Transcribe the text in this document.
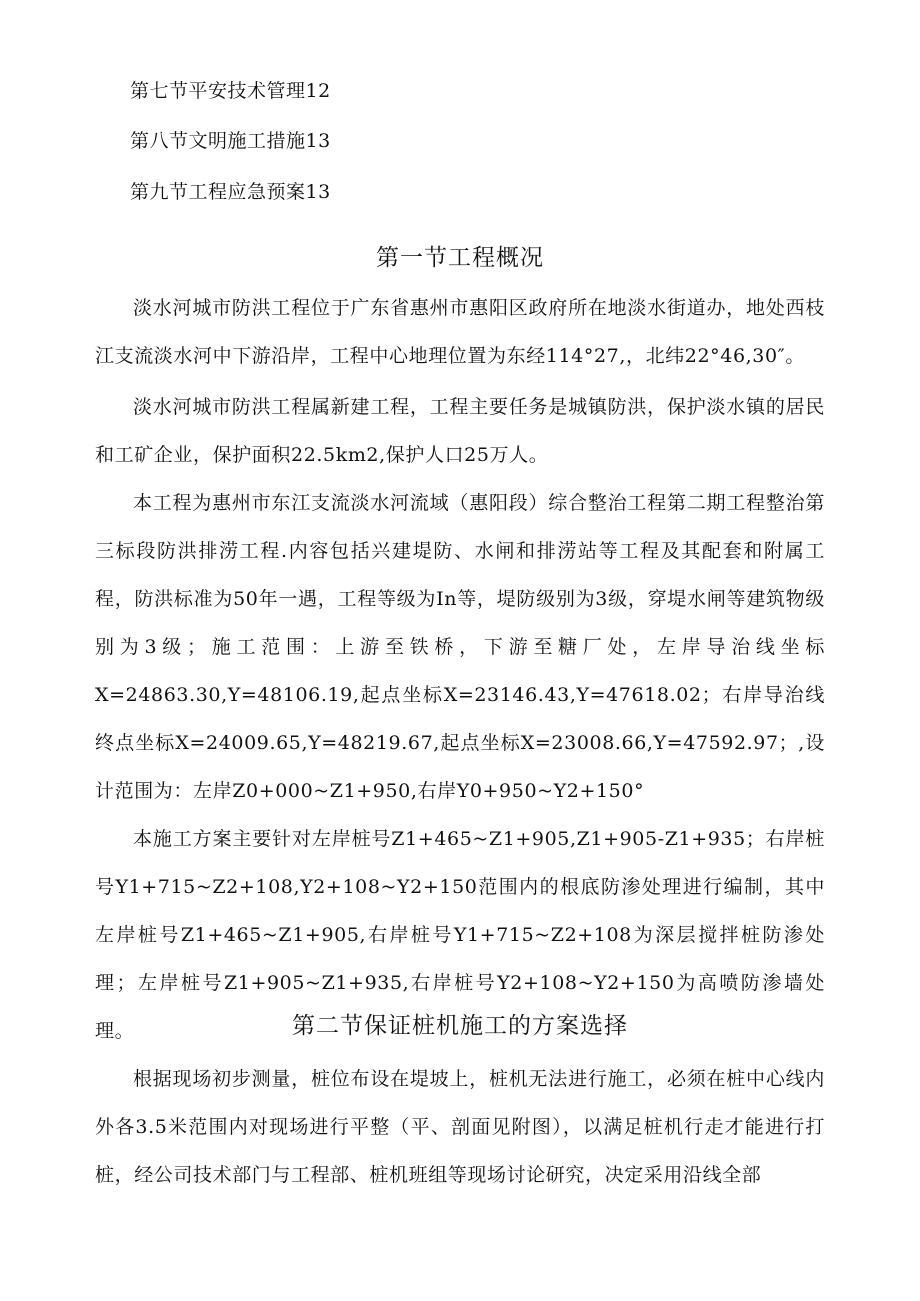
第七节平安技术管理12
第八节文明施工措施13
第九节工程应急预案13
第一节工程概况
淡水河城市防洪工程位于广东省惠州市惠阳区政府所在地淡水街道办，地处西枝江支流淡水河中下游沿岸，工程中心地理位置为东经114°27,，北纬22°46,30″。
淡水河城市防洪工程属新建工程，工程主要任务是城镇防洪，保护淡水镇的居民和工矿企业，保护面积22.5km2,保护人口25万人。
本工程为惠州市东江支流淡水河流域（惠阳段）综合整治工程第二期工程整治第三标段防洪排涝工程.内容包括兴建堤防、水闸和排涝站等工程及其配套和附属工程，防洪标准为50年一遇，工程等级为In等，堤防级别为3级，穿堤水闸等建筑物级别为3级；施工范围：上游至铁桥，下游至糖厂处，左岸导治线坐标X=24863.30,Y=48106.19,起点坐标X=23146.43,Y=47618.02；右岸导治线终点坐标X=24009.65,Y=48219.67,起点坐标X=23008.66,Y=47592.97；,设计范围为：左岸Z0+000~Z1+950,右岸Y0+950~Y2+150°
本施工方案主要针对左岸桩号Z1+465~Z1+905,Z1+905-Z1+935；右岸桩号Y1+715~Z2+108,Y2+108~Y2+150范围内的根底防渗处理进行编制，其中左岸桩号Z1+465~Z1+905,右岸桩号Y1+715~Z2+108为深层搅拌桩防渗处理；左岸桩号Z1+905~Z1+935,右岸桩号Y2+108~Y2+150为高喷防渗墙处理。	第二节保证桩机施工的方案选择
根据现场初步测量，桩位布设在堤坡上，桩机无法进行施工，必须在桩中心线内外各3.5米范围内对现场进行平整（平、剖面见附图），以满足桩机行走才能进行打桩，经公司技术部门与工程部、桩机班组等现场讨论研究，决定采用沿线全部
